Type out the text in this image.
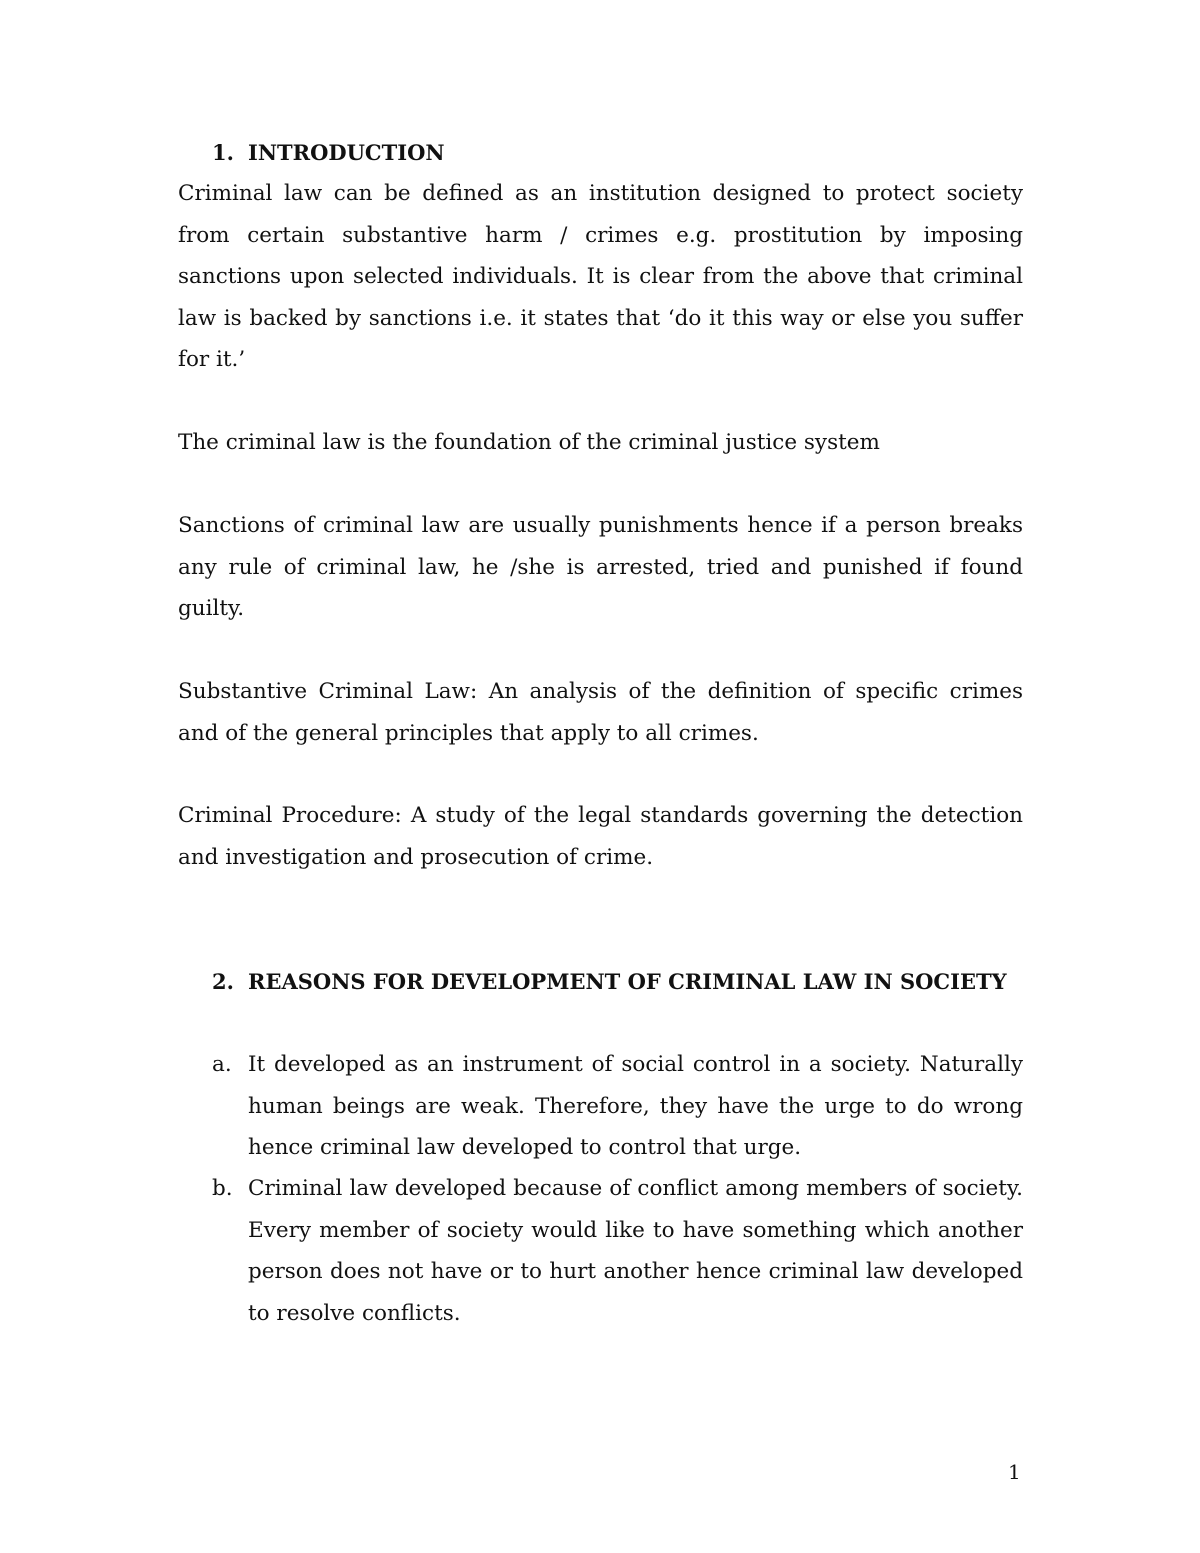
1. INTRODUCTION

Criminal law can be defined as an institution designed to protect society from certain substantive harm / crimes e.g. prostitution by imposing sanctions upon selected individuals. It is clear from the above that criminal law is backed by sanctions i.e. it states that ‘do it this way or else you suffer for it.’

The criminal law is the foundation of the criminal justice system

Sanctions of criminal law are usually punishments hence if a person breaks any rule of criminal law, he /she is arrested, tried and punished if found guilty.

Substantive Criminal Law: An analysis of the definition of specific crimes and of the general principles that apply to all crimes.

Criminal Procedure: A study of the legal standards governing the detection and investigation and prosecution of crime.

2. REASONS FOR DEVELOPMENT OF CRIMINAL LAW IN SOCIETY
a. It developed as an instrument of social control in a society. Naturally human beings are weak. Therefore, they have the urge to do wrong hence criminal law developed to control that urge.

b. Criminal law developed because of conflict among members of society. Every member of society would like to have something which another person does not have or to hurt another hence criminal law developed to resolve conflicts.

1
